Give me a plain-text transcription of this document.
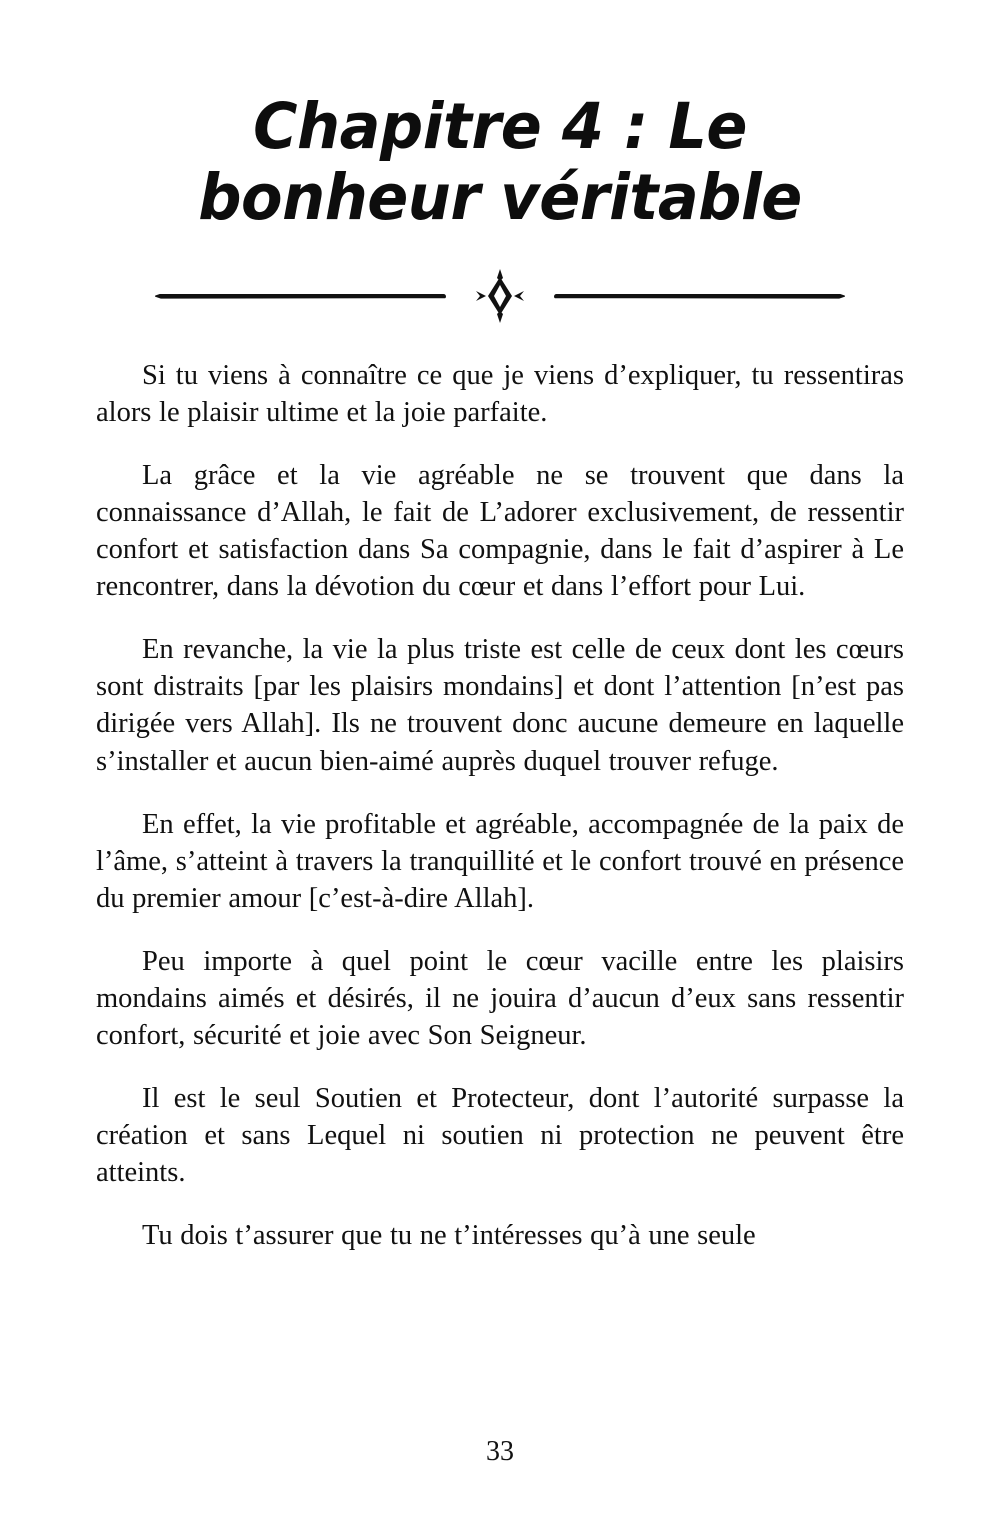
Chapitre 4 : Le bonheur véritable

Si tu viens à connaître ce que je viens d’expliquer, tu ressentiras alors le plaisir ultime et la joie parfaite.

La grâce et la vie agréable ne se trouvent que dans la connaissance d’Allah, le fait de L’adorer exclusivement, de ressentir confort et satisfaction dans Sa compagnie, dans le fait d’aspirer à Le rencontrer, dans la dévotion du cœur et dans l’effort pour Lui.

En revanche, la vie la plus triste est celle de ceux dont les cœurs sont distraits [par les plaisirs mondains] et dont l’attention [n’est pas dirigée vers Allah]. Ils ne trouvent donc aucune demeure en laquelle s’installer et aucun bien-aimé auprès duquel trouver refuge.

En effet, la vie profitable et agréable, accompagnée de la paix de l’âme, s’atteint à travers la tranquillité et le confort trouvé en présence du premier amour [c’est-à-dire Allah].

Peu importe à quel point le cœur vacille entre les plaisirs mondains aimés et désirés, il ne jouira d’aucun d’eux sans ressentir confort, sécurité et joie avec Son Seigneur.

Il est le seul Soutien et Protecteur, dont l’autorité surpasse la création et sans Lequel ni soutien ni protection ne peuvent être atteints.

Tu dois t’assurer que tu ne t’intéresses qu’à une seule

33
